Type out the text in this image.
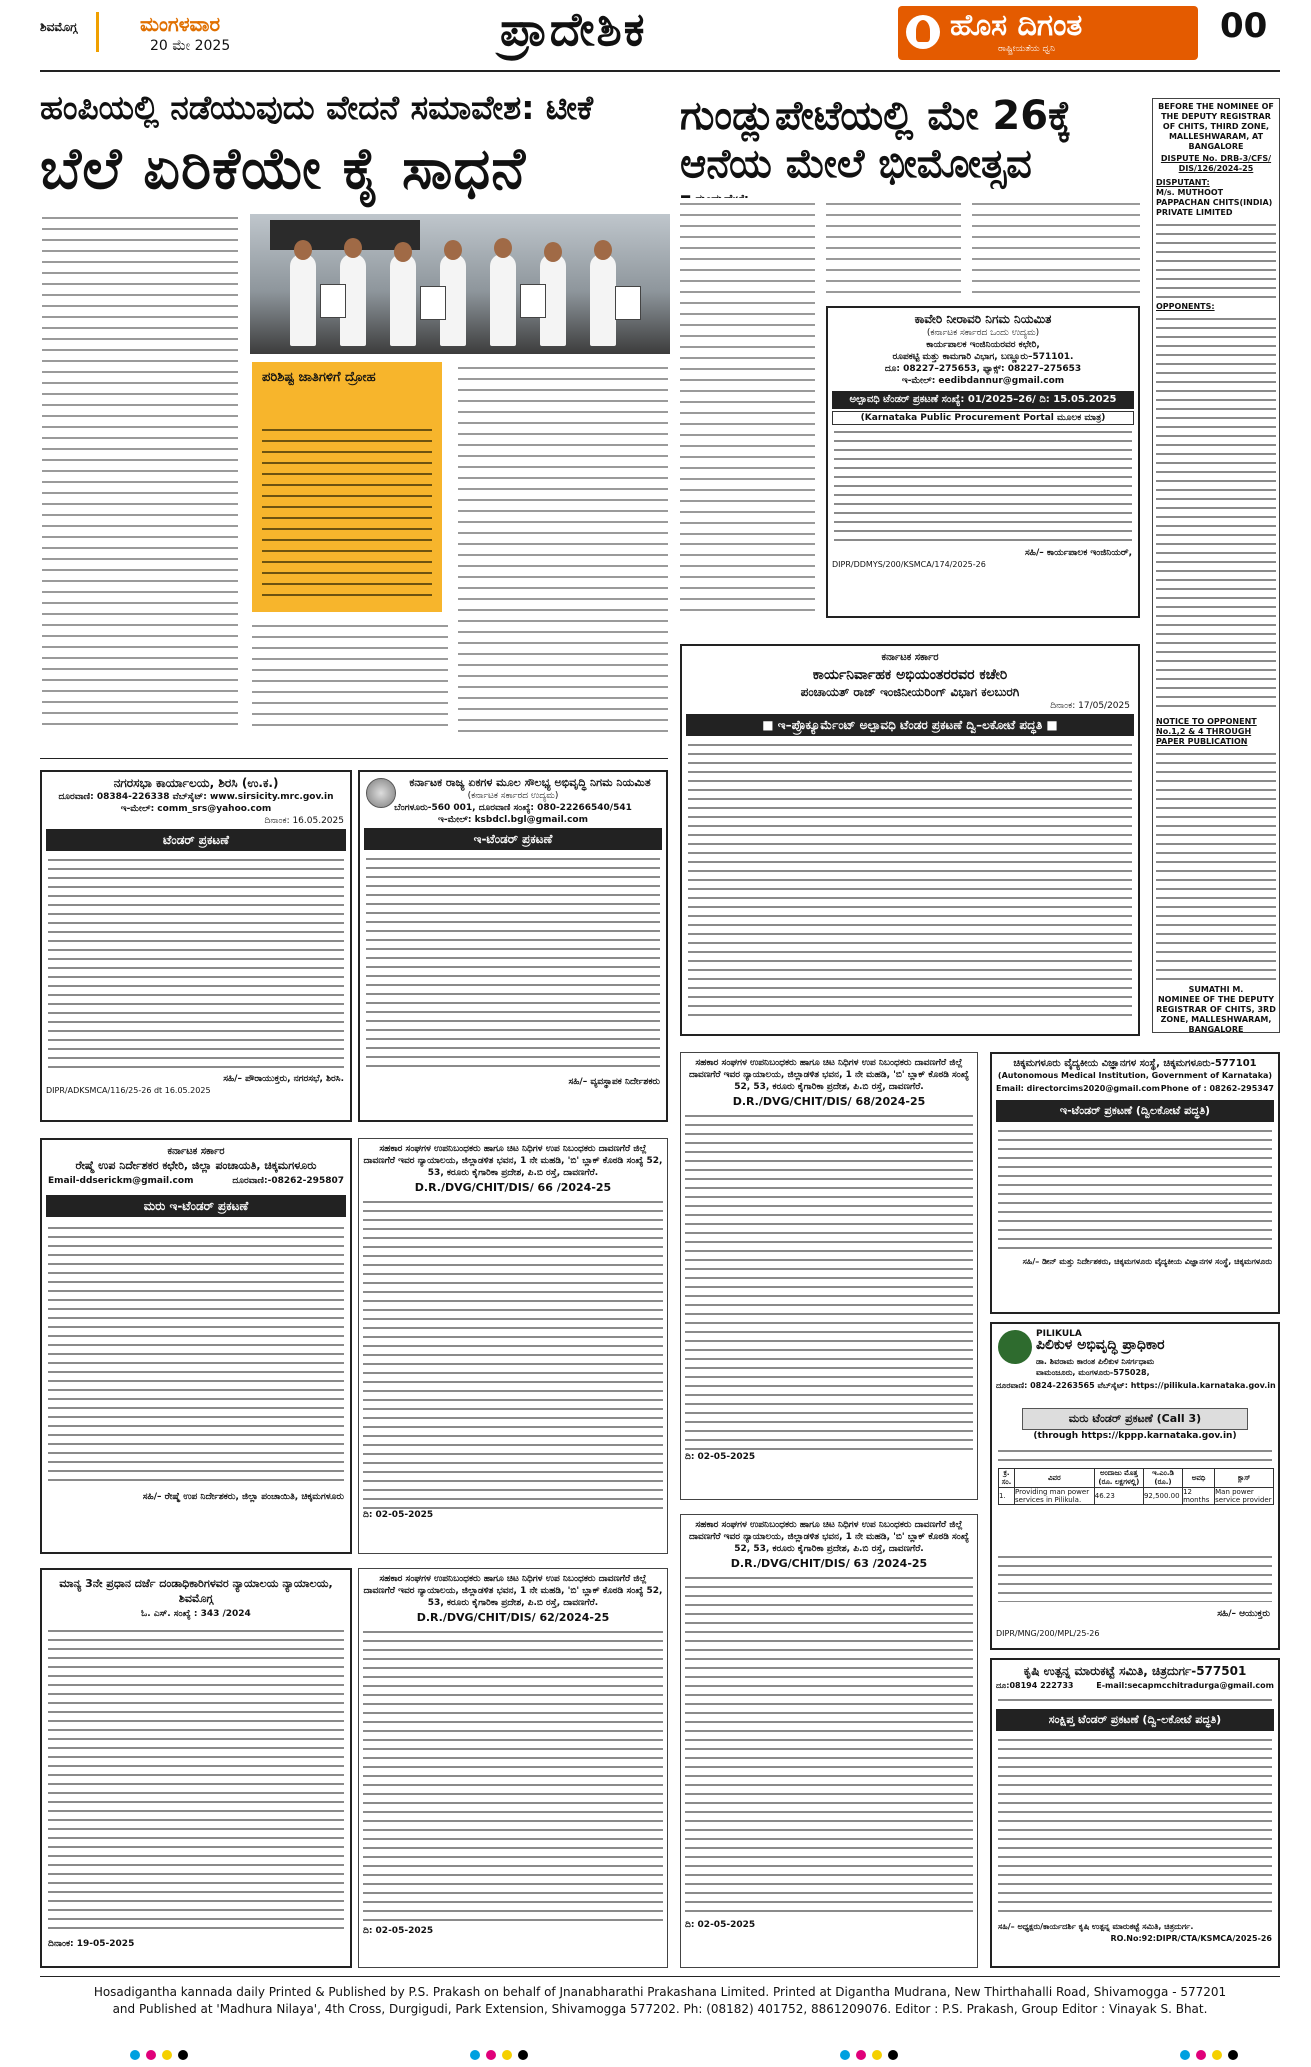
ಶಿವಮೊಗ್ಗ	ಮಂಗಳವಾರ
20 ಮೇ 2025	ಪ್ರಾದೇಶಿಕ	ಹೊಸ ದಿಗಂತ
ರಾಷ್ಟ್ರೀಯತೆಯ ಧ್ವನಿ
00
ಹಂಪಿಯಲ್ಲಿ ನಡೆಯುವುದು ವೇದನೆ ಸಮಾವೇಶ: ಟೀಕೆ
ಬೆಲೆ ಏರಿಕೆಯೇ ಕೈ ಸಾಧನೆ
ಪರಿಶಿಷ್ಟ ಜಾತಿಗಳಿಗೆ ದ್ರೋಹ
ಗುಂಡ್ಲುಪೇಟೆಯಲ್ಲಿ ಮೇ 26ಕ್ಕೆ ಆನೆಯ ಮೇಲೆ ಭೀಮೋತ್ಸವ
ಕಾವೇರಿ ನೀರಾವರಿ ನಿಗಮ ನಿಯಮಿತ
(ಕರ್ನಾಟಕ ಸರ್ಕಾರದ ಒಂದು ಉದ್ಯಮ)
ಕಾರ್ಯಪಾಲಕ ಇಂಜಿನಿಯರವರ ಕಛೇರಿ,
ರೂಪಕಟ್ಟಿ ಮತ್ತು ಕಾಮಗಾರಿ ವಿಭಾಗ, ಬಣ್ಣೂರು–571101.
ದೂ: 08227–275653, ಫ್ಯಾಕ್ಸ್: 08227–275653
ಇ-ಮೇಲ್: eedibdannur@gmail.com
ಅಲ್ಪಾವಧಿ ಟೆಂಡರ್ ಪ್ರಕಟಣೆ ಸಂಖ್ಯೆ: 01/2025–26/ ದಿ: 15.05.2025
(Karnataka Public Procurement Portal ಮೂಲಕ ಮಾತ್ರ)
ಸಹಿ/– ಕಾರ್ಯಪಾಲಕ ಇಂಜಿನಿಯರ್,
DIPR/DDMYS/200/KSMCA/174/2025-26
ಕರ್ನಾಟಕ ಸರ್ಕಾರ
ಕಾರ್ಯನಿರ್ವಾಹಕ ಅಭಿಯಂತರರವರ ಕಚೇರಿ
ಪಂಚಾಯತ್ ರಾಜ್ ಇಂಜಿನೀಯರಿಂಗ್ ವಿಭಾಗ ಕಲಬುರಗಿ
ದಿನಾಂಕ: 17/05/2025
■ ಇ–ಪ್ರೊಕ್ಯೂರ್ಮೆಂಟ್ ಅಲ್ಪಾವಧಿ ಟೆಂಡರ ಪ್ರಕಟಣೆ ದ್ವಿ–ಲಕೋಟೆ ಪದ್ಧತಿ ■
BEFORE THE NOMINEE OF THE DEPUTY REGISTRAR OF CHITS, THIRD ZONE, MALLESHWARAM, AT BANGALORE
DISPUTE No. DRB-3/CFS/ DIS/126/2024-25
DISPUTANT:
M/s. MUTHOOT PAPPACHAN CHITS(INDIA) PRIVATE LIMITED
OPPONENTS:
NOTICE TO OPPONENT No.1,2 & 4 THROUGH PAPER PUBLICATION
SUMATHI M.
NOMINEE OF THE DEPUTY REGISTRAR OF CHITS, 3RD ZONE, MALLESHWARAM, BANGALORE
ನಗರಸಭಾ ಕಾರ್ಯಾಲಯ, ಶಿರಸಿ (ಉ.ಕ.)
ದೂರವಾಣಿ: 08384-226338 ವೆಬ್‌ಸೈಟ್: www.sirsicity.mrc.gov.in
ಇ-ಮೇಲ್: comm_srs@yahoo.com
ದಿನಾಂಕ: 16.05.2025
ಟೆಂಡರ್ ಪ್ರಕಟಣೆ
ಸಹಿ/– ಪೌರಾಯುಕ್ತರು, ನಗರಸಭೆ, ಶಿರಸಿ.
DIPR/ADKSMCA/116/25-26 dt 16.05.2025
ಕರ್ನಾಟಕ ರಾಜ್ಯ ಏಕಗಳ ಮೂಲ ಸೌಲಭ್ಯ ಅಭಿವೃದ್ಧಿ ನಿಗಮ ನಿಯಮಿತ
(ಕರ್ನಾಟಕ ಸರ್ಕಾರದ ಉದ್ಯಮ)
ಬೆಂಗಳೂರು-560 001, ದೂರವಾಣಿ ಸಂಖ್ಯೆ: 080-22266540/541
ಇ-ಮೇಲ್: ksbdcl.bgl@gmail.com
ಇ-ಟೆಂಡರ್ ಪ್ರಕಟಣೆ
ಸಹಿ/– ವ್ಯವಸ್ಥಾಪಕ ನಿರ್ದೇಶಕರು
ಕರ್ನಾಟಕ ಸರ್ಕಾರ
ರೇಷ್ಮೆ ಉಪ ನಿರ್ದೇಶಕರ ಕಛೇರಿ, ಜಿಲ್ಲಾ ಪಂಚಾಯತಿ, ಚಿಕ್ಕಮಗಳೂರು
Email-ddserickm@gmail.com	ದೂರವಾಣಿ:-08262-295807
ಮರು ಇ-ಟೆಂಡರ್ ಪ್ರಕಟಣೆ
ಸಹಿ/– ರೇಷ್ಮೆ ಉಪ ನಿರ್ದೇಶಕರು, ಜಿಲ್ಲಾ ಪಂಚಾಯಿತಿ, ಚಿಕ್ಕಮಗಳೂರು
ಮಾನ್ಯ 3ನೇ ಪ್ರಧಾನ ದರ್ಜೆ ದಂಡಾಧಿಕಾರಿಗಳವರ ನ್ಯಾಯಾಲಯ ನ್ಯಾಯಾಲಯ, ಶಿವಮೊಗ್ಗ
ಓ. ಎಸ್. ಸಂಖ್ಯೆ : 343 /2024
ದಿನಾಂಕ: 19-05-2025
ಸಹಕಾರ ಸಂಘಗಳ ಉಪನಿಬಂಧಕರು ಹಾಗೂ ಚಿಟ ನಿಧಿಗಳ ಉಪ ನಿಬಂಧಕರು ದಾವಣಗೆರೆ ಜಿಲ್ಲೆ ದಾವಣಗೆರೆ ಇವರ ನ್ಯಾಯಾಲಯ, ಜಿಲ್ಲಾಡಳಿತ ಭವನ, 1 ನೇ ಮಹಡಿ, 'ಬಿ' ಬ್ಲಾಕ್ ಕೊಠಡಿ ಸಂಖ್ಯೆ 52, 53, ಕರೂರು ಕೈಗಾರಿಕಾ ಪ್ರದೇಶ, ಪಿ.ಬಿ ರಸ್ತೆ, ದಾವಣಗೆರೆ.
D.R./DVG/CHIT/DIS/ 66 /2024-25
ದಿ: 02-05-2025
ಸಹಕಾರ ಸಂಘಗಳ ಉಪನಿಬಂಧಕರು ಹಾಗೂ ಚಿಟ ನಿಧಿಗಳ ಉಪ ನಿಬಂಧಕರು ದಾವಣಗೆರೆ ಜಿಲ್ಲೆ ದಾವಣಗೆರೆ ಇವರ ನ್ಯಾಯಾಲಯ, ಜಿಲ್ಲಾಡಳಿತ ಭವನ, 1 ನೇ ಮಹಡಿ, 'ಬಿ' ಬ್ಲಾಕ್ ಕೊಠಡಿ ಸಂಖ್ಯೆ 52, 53, ಕರೂರು ಕೈಗಾರಿಕಾ ಪ್ರದೇಶ, ಪಿ.ಬಿ ರಸ್ತೆ, ದಾವಣಗೆರೆ.
D.R./DVG/CHIT/DIS/ 68/2024-25
ದಿ: 02-05-2025
ಸಹಕಾರ ಸಂಘಗಳ ಉಪನಿಬಂಧಕರು ಹಾಗೂ ಚಿಟ ನಿಧಿಗಳ ಉಪ ನಿಬಂಧಕರು ದಾವಣಗೆರೆ ಜಿಲ್ಲೆ ದಾವಣಗೆರೆ ಇವರ ನ್ಯಾಯಾಲಯ, ಜಿಲ್ಲಾಡಳಿತ ಭವನ, 1 ನೇ ಮಹಡಿ, 'ಬಿ' ಬ್ಲಾಕ್ ಕೊಠಡಿ ಸಂಖ್ಯೆ 52, 53, ಕರೂರು ಕೈಗಾರಿಕಾ ಪ್ರದೇಶ, ಪಿ.ಬಿ ರಸ್ತೆ, ದಾವಣಗೆರೆ.
D.R./DVG/CHIT/DIS/ 62/2024-25
ದಿ: 02-05-2025
ಸಹಕಾರ ಸಂಘಗಳ ಉಪನಿಬಂಧಕರು ಹಾಗೂ ಚಿಟ ನಿಧಿಗಳ ಉಪ ನಿಬಂಧಕರು ದಾವಣಗೆರೆ ಜಿಲ್ಲೆ ದಾವಣಗೆರೆ ಇವರ ನ್ಯಾಯಾಲಯ, ಜಿಲ್ಲಾಡಳಿತ ಭವನ, 1 ನೇ ಮಹಡಿ, 'ಬಿ' ಬ್ಲಾಕ್ ಕೊಠಡಿ ಸಂಖ್ಯೆ 52, 53, ಕರೂರು ಕೈಗಾರಿಕಾ ಪ್ರದೇಶ, ಪಿ.ಬಿ ರಸ್ತೆ, ದಾವಣಗೆರೆ.
D.R./DVG/CHIT/DIS/ 63 /2024-25
ದಿ: 02-05-2025
ಚಿಕ್ಕಮಗಳೂರು ವೈದ್ಯಕೀಯ ವಿಜ್ಞಾನಗಳ ಸಂಸ್ಥೆ, ಚಿಕ್ಕಮಗಳೂರು-577101
(Autonomous Medical Institution, Government of Karnataka)
Email: directorcims2020@gmail.com Phone of : 08262-295347
ಇ-ಟೆಂಡರ್ ಪ್ರಕಟಣೆ (ದ್ವಿಲಕೋಟೆ ಪದ್ಧತಿ)
ಸಹಿ/– ಡೀನ್ ಮತ್ತು ನಿರ್ದೇಶಕರು, ಚಿಕ್ಕಮಗಳೂರು ವೈದ್ಯಕೀಯ ವಿಜ್ಞಾನಗಳ ಸಂಸ್ಥೆ, ಚಿಕ್ಕಮಗಳೂರು
PILIKULA
ಪಿಲಿಕುಳ ಅಭಿವೃದ್ಧಿ ಪ್ರಾಧಿಕಾರ
ಡಾ. ಶಿವರಾಮ ಕಾರಂತ ಪಿಲಿಕುಳ ನಿಸರ್ಗಧಾಮ
ವಾಮಂಜೂರು, ಮಂಗಳೂರು-575028,
ದೂರವಾಣಿ: 0824-2263565 ವೆಬ್‌ಸೈಟ್: https://pilikula.karnataka.gov.in
ಮರು ಟೆಂಡರ್ ಪ್ರಕಟಣೆ (Call 3)
(through https://kppp.karnataka.gov.in)
ಕ್ರ. ಸಂ.	ವಿವರ	ಅಂದಾಜು ಮೊತ್ತ (ರೂ. ಲಕ್ಷಗಳಲ್ಲಿ)	ಇ.ಎಂ.ಡಿ (ರೂ.)	ಅವಧಿ	ಕ್ಲಾಸ್
1.	Providing man power services in Pilikula.	46.23	92,500.00	12 months	Man power service provider
ಸಹಿ/– ಆಯುಕ್ತರು
DIPR/MNG/200/MPL/25-26
ಕೃಷಿ ಉತ್ಪನ್ನ ಮಾರುಕಟ್ಟೆ ಸಮಿತಿ, ಚಿತ್ರದುರ್ಗ-577501
ದೂ:08194 222733	E-mail:secapmcchitradurga@gmail.com
ಸಂಕ್ಷಿಪ್ತ ಟೆಂಡರ್ ಪ್ರಕಟಣೆ (ದ್ವಿ-ಲಕೋಟೆ ಪದ್ಧತಿ)
ಸಹಿ/– ಅಧ್ಯಕ್ಷರು/ಕಾರ್ಯದರ್ಶಿ ಕೃಷಿ ಉತ್ಪನ್ನ ಮಾರುಕಟ್ಟೆ ಸಮಿತಿ, ಚಿತ್ರದುರ್ಗ.
RO.No:92:DIPR/CTA/KSMCA/2025-26
Hosadigantha kannada daily Printed & Published by P.S. Prakash on behalf of Jnanabharathi Prakashana Limited. Printed at Digantha Mudrana, New Thirthahalli Road, Shivamogga - 577201
and Published at 'Madhura Nilaya', 4th Cross, Durgigudi, Park Extension, Shivamogga 577202. Ph: (08182) 401752, 8861209076. Editor : P.S. Prakash, Group Editor : Vinayak S. Bhat.
